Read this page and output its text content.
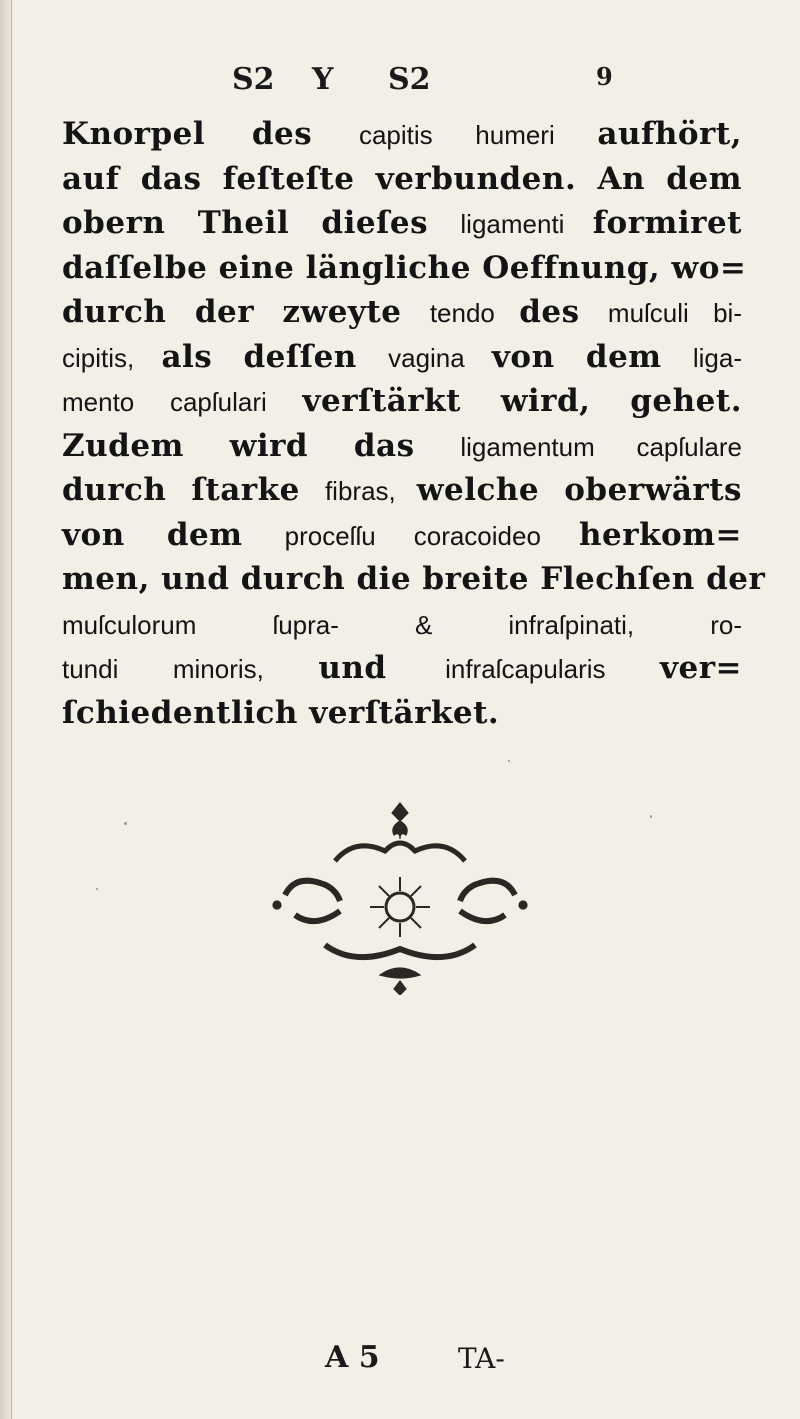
S2 Y S2	9
Knorpel des capitis humeri aufhört,
auf das feſteſte verbunden. An dem
obern Theil dieſes ligamenti formiret
daſſelbe eine längliche Oeffnung, wo=
durch der zweyte tendo des muſculi bi-
cipitis, als deſſen vagina von dem liga-
mento capſulari verſtärkt wird, gehet.
Zudem wird das ligamentum capſulare
durch ſtarke fibras, welche oberwärts
von dem proceſſu coracoideo herkom=
men, und durch die breite Flechſen der
muſculorum ſupra- & infraſpinati, ro-
tundi minoris, und infraſcapularis ver=
ſchiedentlich verſtärket.
A 5	TA-
